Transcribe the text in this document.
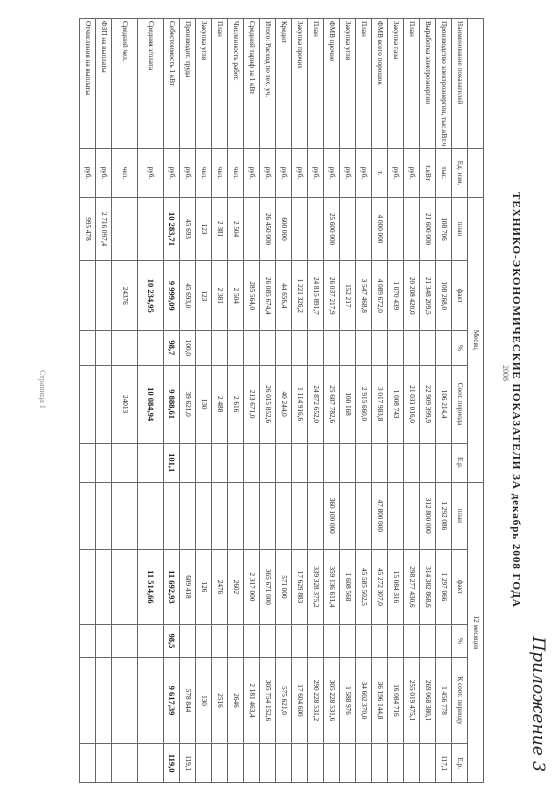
Приложение 3
ТЕХНИКО-ЭКОНОМИЧЕСКИЕ ПОКАЗАТЕЛИ ЗА декабрь 2008 ГОДА
2008
		Месяц					12 месяцев				
Наименование показателей	Ед. изм.	план	факт	%	Соот. периода	Е.р.	план	факт	%	К соот. периоду	Е.р.
Производство электроэнергии, тыс.кВт.ч	тыс.	108 706	108 268,0		106 214,4		1 292 086	1 297 066		1 456 778	117,1
Выработка электроэнергии	т.кВт	21 600 000	21 348 209,5		22 909 399,9		312 800 000	314 382 868,6		269 068 380,1	
План	руб.		20 208 420,0		21 031 016,0			298 277 430,6		255 019 475,1	
Закупка газа	руб.		1 070 439		1 008 743			15 084 316		16 084 716	
ФМВ всего порошок	т.	4 000 000	4 089 672,0		3 017 983,8		47 800 000	45 272 307,0		36 196 144,8	
План	руб.		3 547 468,8		2 915 660,0			45 585 502,5		34 602 370,0	
Закупка угля	руб.		152 217		100 168			1 608 568		1 588 976	
ФМВ прочие	руб.	25 600 000	26 037 217,9		25 687 782,6		360 100 000	359 136 611,4		305 228 531,6	
План	руб.		24 815 891,7		24 872 652,0			339 328 375,2		290 228 531,2	
Закупка прочих	руб.		1 221 326,2		1 114 916,6			17 629 883		17 604 600	
Кредит	руб.	600 000	44 656,4		40 244,0			571 000		575 621,0	
Итого: Расход по тех. уч.	руб.	26 450 000	26 085 674,4		26 015 852,6			365 671 000		305 754 152,6	
Средний тариф за 1 кВт	руб.		285 564,0		213 671,0			2 317 000		2 181 463,4	
Численность работ.	чел.	2 504	2 504		2 616			2602		2646	
План	чел.	2 381	2 381		2 488			2476		2516	
Закупка угля	чел.	123	123		130			126		130	
Производит. труда	руб.	45 693	45 693,0	100,0	39 621,0			689 418		578 844	119,1
Себестоимость 1 кВт	руб.	10 283,71	9 999,09	98,7	9 888,61	101,1		11 692,93	98,5	9 617,39	119,0
Средняя з/плата	руб.		10 234,95		10 084,94			11 514,66			
Средний чел.	чел.		24376		24013						
ФЗП на выплаты	руб.	2 716 097,4									
Отчисления на выплаты	руб.	995 478									
Страница 1
